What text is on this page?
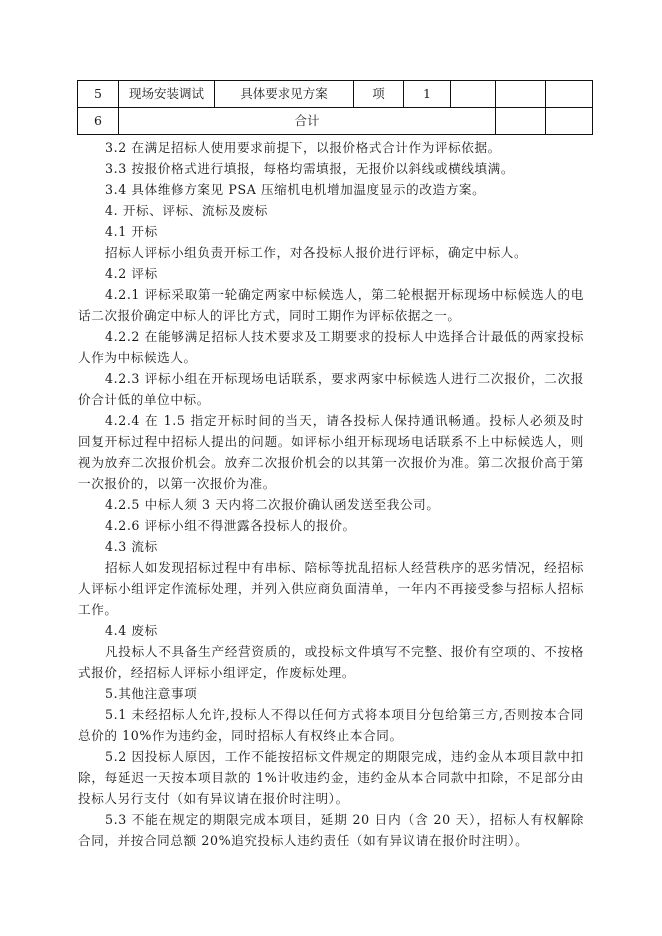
5	现场安装调试	具体要求见方案	项	1			
6	合计						

3.2 在满足招标人使用要求前提下，以报价格式合计作为评标依据。

3.3 按报价格式进行填报，每格均需填报，无报价以斜线或横线填满。

3.4 具体维修方案见 PSA 压缩机电机增加温度显示的改造方案。

4. 开标、评标、流标及废标

4.1 开标

招标人评标小组负责开标工作，对各投标人报价进行评标，确定中标人。

4.2 评标

4.2.1 评标采取第一轮确定两家中标候选人，第二轮根据开标现场中标候选人的电话二次报价确定中标人的评比方式，同时工期作为评标依据之一。

4.2.2 在能够满足招标人技术要求及工期要求的投标人中选择合计最低的两家投标人作为中标候选人。

4.2.3 评标小组在开标现场电话联系，要求两家中标候选人进行二次报价，二次报价合计低的单位中标。

4.2.4 在 1.5 指定开标时间的当天，请各投标人保持通讯畅通。投标人必须及时回复开标过程中招标人提出的问题。如评标小组开标现场电话联系不上中标候选人，则视为放弃二次报价机会。放弃二次报价机会的以其第一次报价为准。第二次报价高于第一次报价的，以第一次报价为准。

4.2.5 中标人须 3 天内将二次报价确认函发送至我公司。

4.2.6 评标小组不得泄露各投标人的报价。

4.3 流标

招标人如发现招标过程中有串标、陪标等扰乱招标人经营秩序的恶劣情况，经招标人评标小组评定作流标处理，并列入供应商负面清单，一年内不再接受参与招标人招标工作。

4.4 废标

凡投标人不具备生产经营资质的，或投标文件填写不完整、报价有空项的、不按格式报价，经招标人评标小组评定，作废标处理。

5.其他注意事项

5.1 未经招标人允许,投标人不得以任何方式将本项目分包给第三方,否则按本合同总价的 10%作为违约金，同时招标人有权终止本合同。

5.2 因投标人原因，工作不能按招标文件规定的期限完成，违约金从本项目款中扣除，每延迟一天按本项目款的 1%计收违约金，违约金从本合同款中扣除，不足部分由投标人另行支付（如有异议请在报价时注明）。

5.3 不能在规定的期限完成本项目，延期 20 日内（含 20 天），招标人有权解除合同，并按合同总额 20%追究投标人违约责任（如有异议请在报价时注明）。
